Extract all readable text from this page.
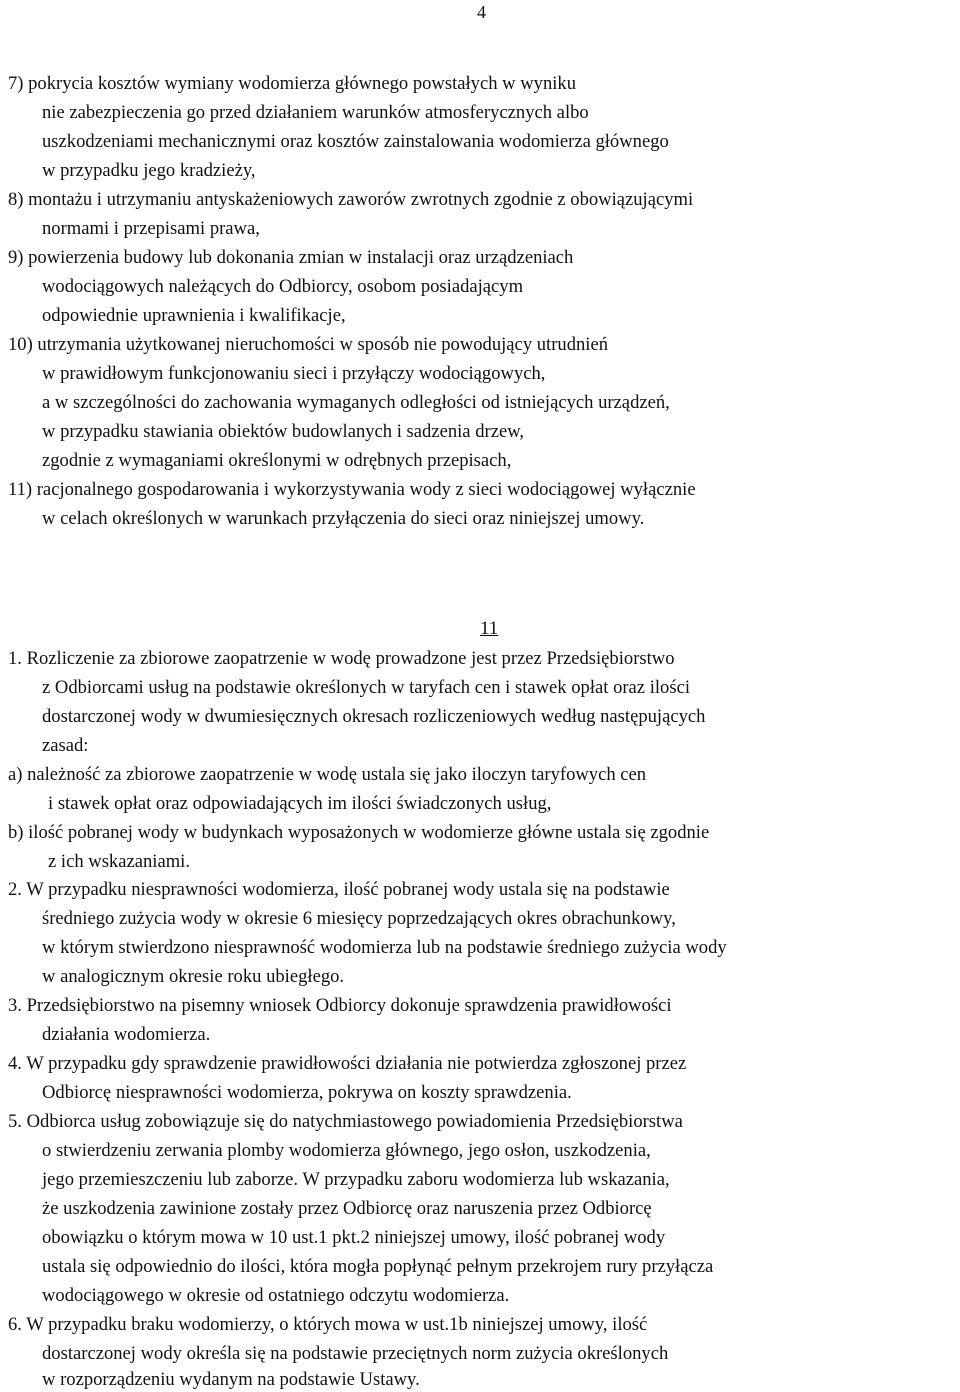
4
7) pokrycia kosztów wymiany wodomierza głównego powstałych w wyniku
nie zabezpieczenia go przed działaniem warunków atmosferycznych albo
uszkodzeniami mechanicznymi oraz kosztów zainstalowania wodomierza głównego
w przypadku jego kradzieży,
8) montażu i utrzymaniu antyskażeniowych zaworów zwrotnych zgodnie z obowiązującymi
normami i przepisami prawa,
9) powierzenia budowy lub dokonania zmian w instalacji oraz urządzeniach
wodociągowych należących do Odbiorcy, osobom posiadającym
odpowiednie uprawnienia i kwalifikacje,
10) utrzymania użytkowanej nieruchomości w sposób nie powodujący utrudnień
w prawidłowym funkcjonowaniu sieci i przyłączy wodociągowych,
a w szczególności do zachowania wymaganych odległości od istniejących urządzeń,
w przypadku stawiania obiektów budowlanych i sadzenia drzew,
zgodnie z wymaganiami określonymi w odrębnych przepisach,
11) racjonalnego gospodarowania i wykorzystywania wody z sieci wodociągowej wyłącznie
w celach określonych w warunkach przyłączenia do sieci oraz niniejszej umowy.
11
1. Rozliczenie za zbiorowe zaopatrzenie w wodę prowadzone jest przez Przedsiębiorstwo
z Odbiorcami usług na podstawie określonych w taryfach cen i stawek opłat oraz ilości
dostarczonej wody w dwumiesięcznych okresach rozliczeniowych według następujących
zasad:
a) należność za zbiorowe zaopatrzenie w wodę ustala się jako iloczyn taryfowych cen
i stawek opłat oraz odpowiadających im ilości świadczonych usług,
b) ilość pobranej wody w budynkach wyposażonych w wodomierze główne ustala się zgodnie
z ich wskazaniami.
2. W przypadku niesprawności wodomierza, ilość pobranej wody ustala się na podstawie
średniego zużycia wody w okresie 6 miesięcy poprzedzających okres obrachunkowy,
w którym stwierdzono niesprawność wodomierza lub na podstawie średniego zużycia wody
w analogicznym okresie roku ubiegłego.
3. Przedsiębiorstwo na pisemny wniosek Odbiorcy dokonuje sprawdzenia prawidłowości
działania wodomierza.
4. W przypadku gdy sprawdzenie prawidłowości działania nie potwierdza zgłoszonej przez
Odbiorcę niesprawności wodomierza, pokrywa on koszty sprawdzenia.
5. Odbiorca usług zobowiązuje się do natychmiastowego powiadomienia Przedsiębiorstwa
o stwierdzeniu zerwania plomby wodomierza głównego, jego osłon, uszkodzenia,
jego przemieszczeniu lub zaborze. W przypadku zaboru wodomierza lub wskazania,
że uszkodzenia zawinione zostały przez Odbiorcę oraz naruszenia przez Odbiorcę
obowiązku o którym mowa w 10 ust.1 pkt.2 niniejszej umowy, ilość pobranej wody
ustala się odpowiednio do ilości, która mogła popłynąć pełnym przekrojem rury przyłącza
wodociągowego w okresie od ostatniego odczytu wodomierza.
6. W przypadku braku wodomierzy, o których mowa w ust.1b niniejszej umowy, ilość
dostarczonej wody określa się na podstawie przeciętnych norm zużycia określonych
w rozporządzeniu wydanym na podstawie Ustawy.
